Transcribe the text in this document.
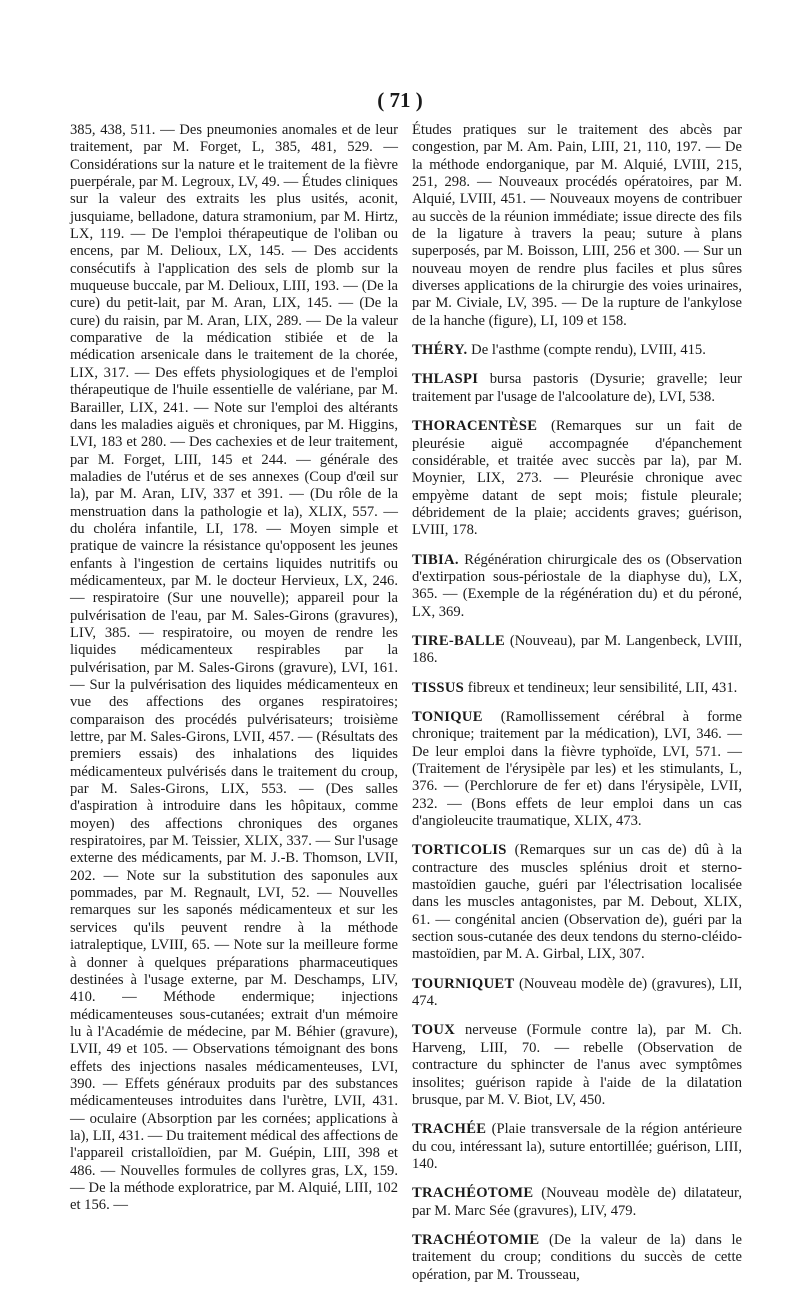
( 71 )
385, 438, 511. — Des pneumonies anomales et de leur traitement, par M. Forget, L, 385, 481, 529. — Considérations sur la nature et le traitement de la fièvre puerpérale, par M. Legroux, LV, 49. — Études cliniques sur la valeur des extraits les plus usités, aconit, jusquiame, belladone, datura stramonium, par M. Hirtz, LX, 119. — De l'emploi thérapeutique de l'oliban ou encens, par M. Delioux, LX, 145. — Des accidents consécutifs à l'application des sels de plomb sur la muqueuse buccale, par M. Delioux, LIII, 193. — (De la cure) du petit-lait, par M. Aran, LIX, 145. — (De la cure) du raisin, par M. Aran, LIX, 289. — De la valeur comparative de la médication stibiée et de la médication arsenicale dans le traitement de la chorée, LIX, 317. — Des effets physiologiques et de l'emploi thérapeutique de l'huile essentielle de valériane, par M. Barailler, LIX, 241. — Note sur l'emploi des altérants dans les maladies aiguës et chroniques, par M. Higgins, LVI, 183 et 280. — Des cachexies et de leur traitement, par M. Forget, LIII, 145 et 244. — générale des maladies de l'utérus et de ses annexes (Coup d'œil sur la), par M. Aran, LIV, 337 et 391. — (Du rôle de la menstruation dans la pathologie et la), XLIX, 557. — du choléra infantile, LI, 178. — Moyen simple et pratique de vaincre la résistance qu'opposent les jeunes enfants à l'ingestion de certains liquides nutritifs ou médicamenteux, par M. le docteur Hervieux, LX, 246. — respiratoire (Sur une nouvelle); appareil pour la pulvérisation de l'eau, par M. Sales-Girons (gravures), LIV, 385. — respiratoire, ou moyen de rendre les liquides médicamenteux respirables par la pulvérisation, par M. Sales-Girons (gravure), LVI, 161. — Sur la pulvérisation des liquides médicamenteux en vue des affections des organes respiratoires; comparaison des procédés pulvérisateurs; troisième lettre, par M. Sales-Girons, LVII, 457. — (Résultats des premiers essais) des inhalations des liquides médicamenteux pulvérisés dans le traitement du croup, par M. Sales-Girons, LIX, 553. — (Des salles d'aspiration à introduire dans les hôpitaux, comme moyen) des affections chroniques des organes respiratoires, par M. Teissier, XLIX, 337. — Sur l'usage externe des médicaments, par M. J.-B. Thomson, LVII, 202. — Note sur la substitution des saponules aux pommades, par M. Regnault, LVI, 52. — Nouvelles remarques sur les saponés médicamenteux et sur les services qu'ils peuvent rendre à la méthode iatraleptique, LVIII, 65. — Note sur la meilleure forme à donner à quelques préparations pharmaceutiques destinées à l'usage externe, par M. Deschamps, LIV, 410. — Méthode endermique; injections médicamenteuses sous-cutanées; extrait d'un mémoire lu à l'Académie de médecine, par M. Béhier (gravure), LVII, 49 et 105. — Observations témoignant des bons effets des injections nasales médicamenteuses, LVI, 390. — Effets généraux produits par des substances médicamenteuses introduites dans l'urètre, LVII, 431. — oculaire (Absorption par les cornées; applications à la), LII, 431. — Du traitement médical des affections de l'appareil cristalloïdien, par M. Guépin, LIII, 398 et 486. — Nouvelles formules de collyres gras, LX, 159. — De la méthode exploratrice, par M. Alquié, LIII, 102 et 156. —
Études pratiques sur le traitement des abcès par congestion, par M. Am. Pain, LIII, 21, 110, 197. — De la méthode endorganique, par M. Alquié, LVIII, 215, 251, 298. — Nouveaux procédés opératoires, par M. Alquié, LVIII, 451. — Nouveaux moyens de contribuer au succès de la réunion immédiate; issue directe des fils de la ligature à travers la peau; suture à plans superposés, par M. Boisson, LIII, 256 et 300. — Sur un nouveau moyen de rendre plus faciles et plus sûres diverses applications de la chirurgie des voies urinaires, par M. Civiale, LV, 395. — De la rupture de l'ankylose de la hanche (figure), LI, 109 et 158.
THÉRY. De l'asthme (compte rendu), LVIII, 415.
THLASPI bursa pastoris (Dysurie; gravelle; leur traitement par l'usage de l'alcoolature de), LVI, 538.
THORACENTÈSE (Remarques sur un fait de pleurésie aiguë accompagnée d'épanchement considérable, et traitée avec succès par la), par M. Moynier, LIX, 273. — Pleurésie chronique avec empyème datant de sept mois; fistule pleurale; débridement de la plaie; accidents graves; guérison, LVIII, 178.
TIBIA. Régénération chirurgicale des os (Observation d'extirpation sous-périostale de la diaphyse du), LX, 365. — (Exemple de la régénération du) et du péroné, LX, 369.
TIRE-BALLE (Nouveau), par M. Langenbeck, LVIII, 186.
TISSUS fibreux et tendineux; leur sensibilité, LII, 431.
TONIQUE (Ramollissement cérébral à forme chronique; traitement par la médication), LVI, 346. — De leur emploi dans la fièvre typhoïde, LVI, 571. — (Traitement de l'érysipèle par les) et les stimulants, L, 376. — (Perchlorure de fer et) dans l'érysipèle, LVII, 232. — (Bons effets de leur emploi dans un cas d'angioleucite traumatique, XLIX, 473.
TORTICOLIS (Remarques sur un cas de) dû à la contracture des muscles splénius droit et sterno-mastoïdien gauche, guéri par l'électrisation localisée dans les muscles antagonistes, par M. Debout, XLIX, 61. — congénital ancien (Observation de), guéri par la section sous-cutanée des deux tendons du sterno-cléido-mastoïdien, par M. A. Girbal, LIX, 307.
TOURNIQUET (Nouveau modèle de) (gravures), LII, 474.
TOUX nerveuse (Formule contre la), par M. Ch. Harveng, LIII, 70. — rebelle (Observation de contracture du sphincter de l'anus avec symptômes insolites; guérison rapide à l'aide de la dilatation brusque, par M. V. Biot, LV, 450.
TRACHÉE (Plaie transversale de la région antérieure du cou, intéressant la), suture entortillée; guérison, LIII, 140.
TRACHÉOTOME (Nouveau modèle de) dilatateur, par M. Marc Sée (gravures), LIV, 479.
TRACHÉOTOMIE (De la valeur de la) dans le traitement du croup; conditions du succès de cette opération, par M. Trousseau,
